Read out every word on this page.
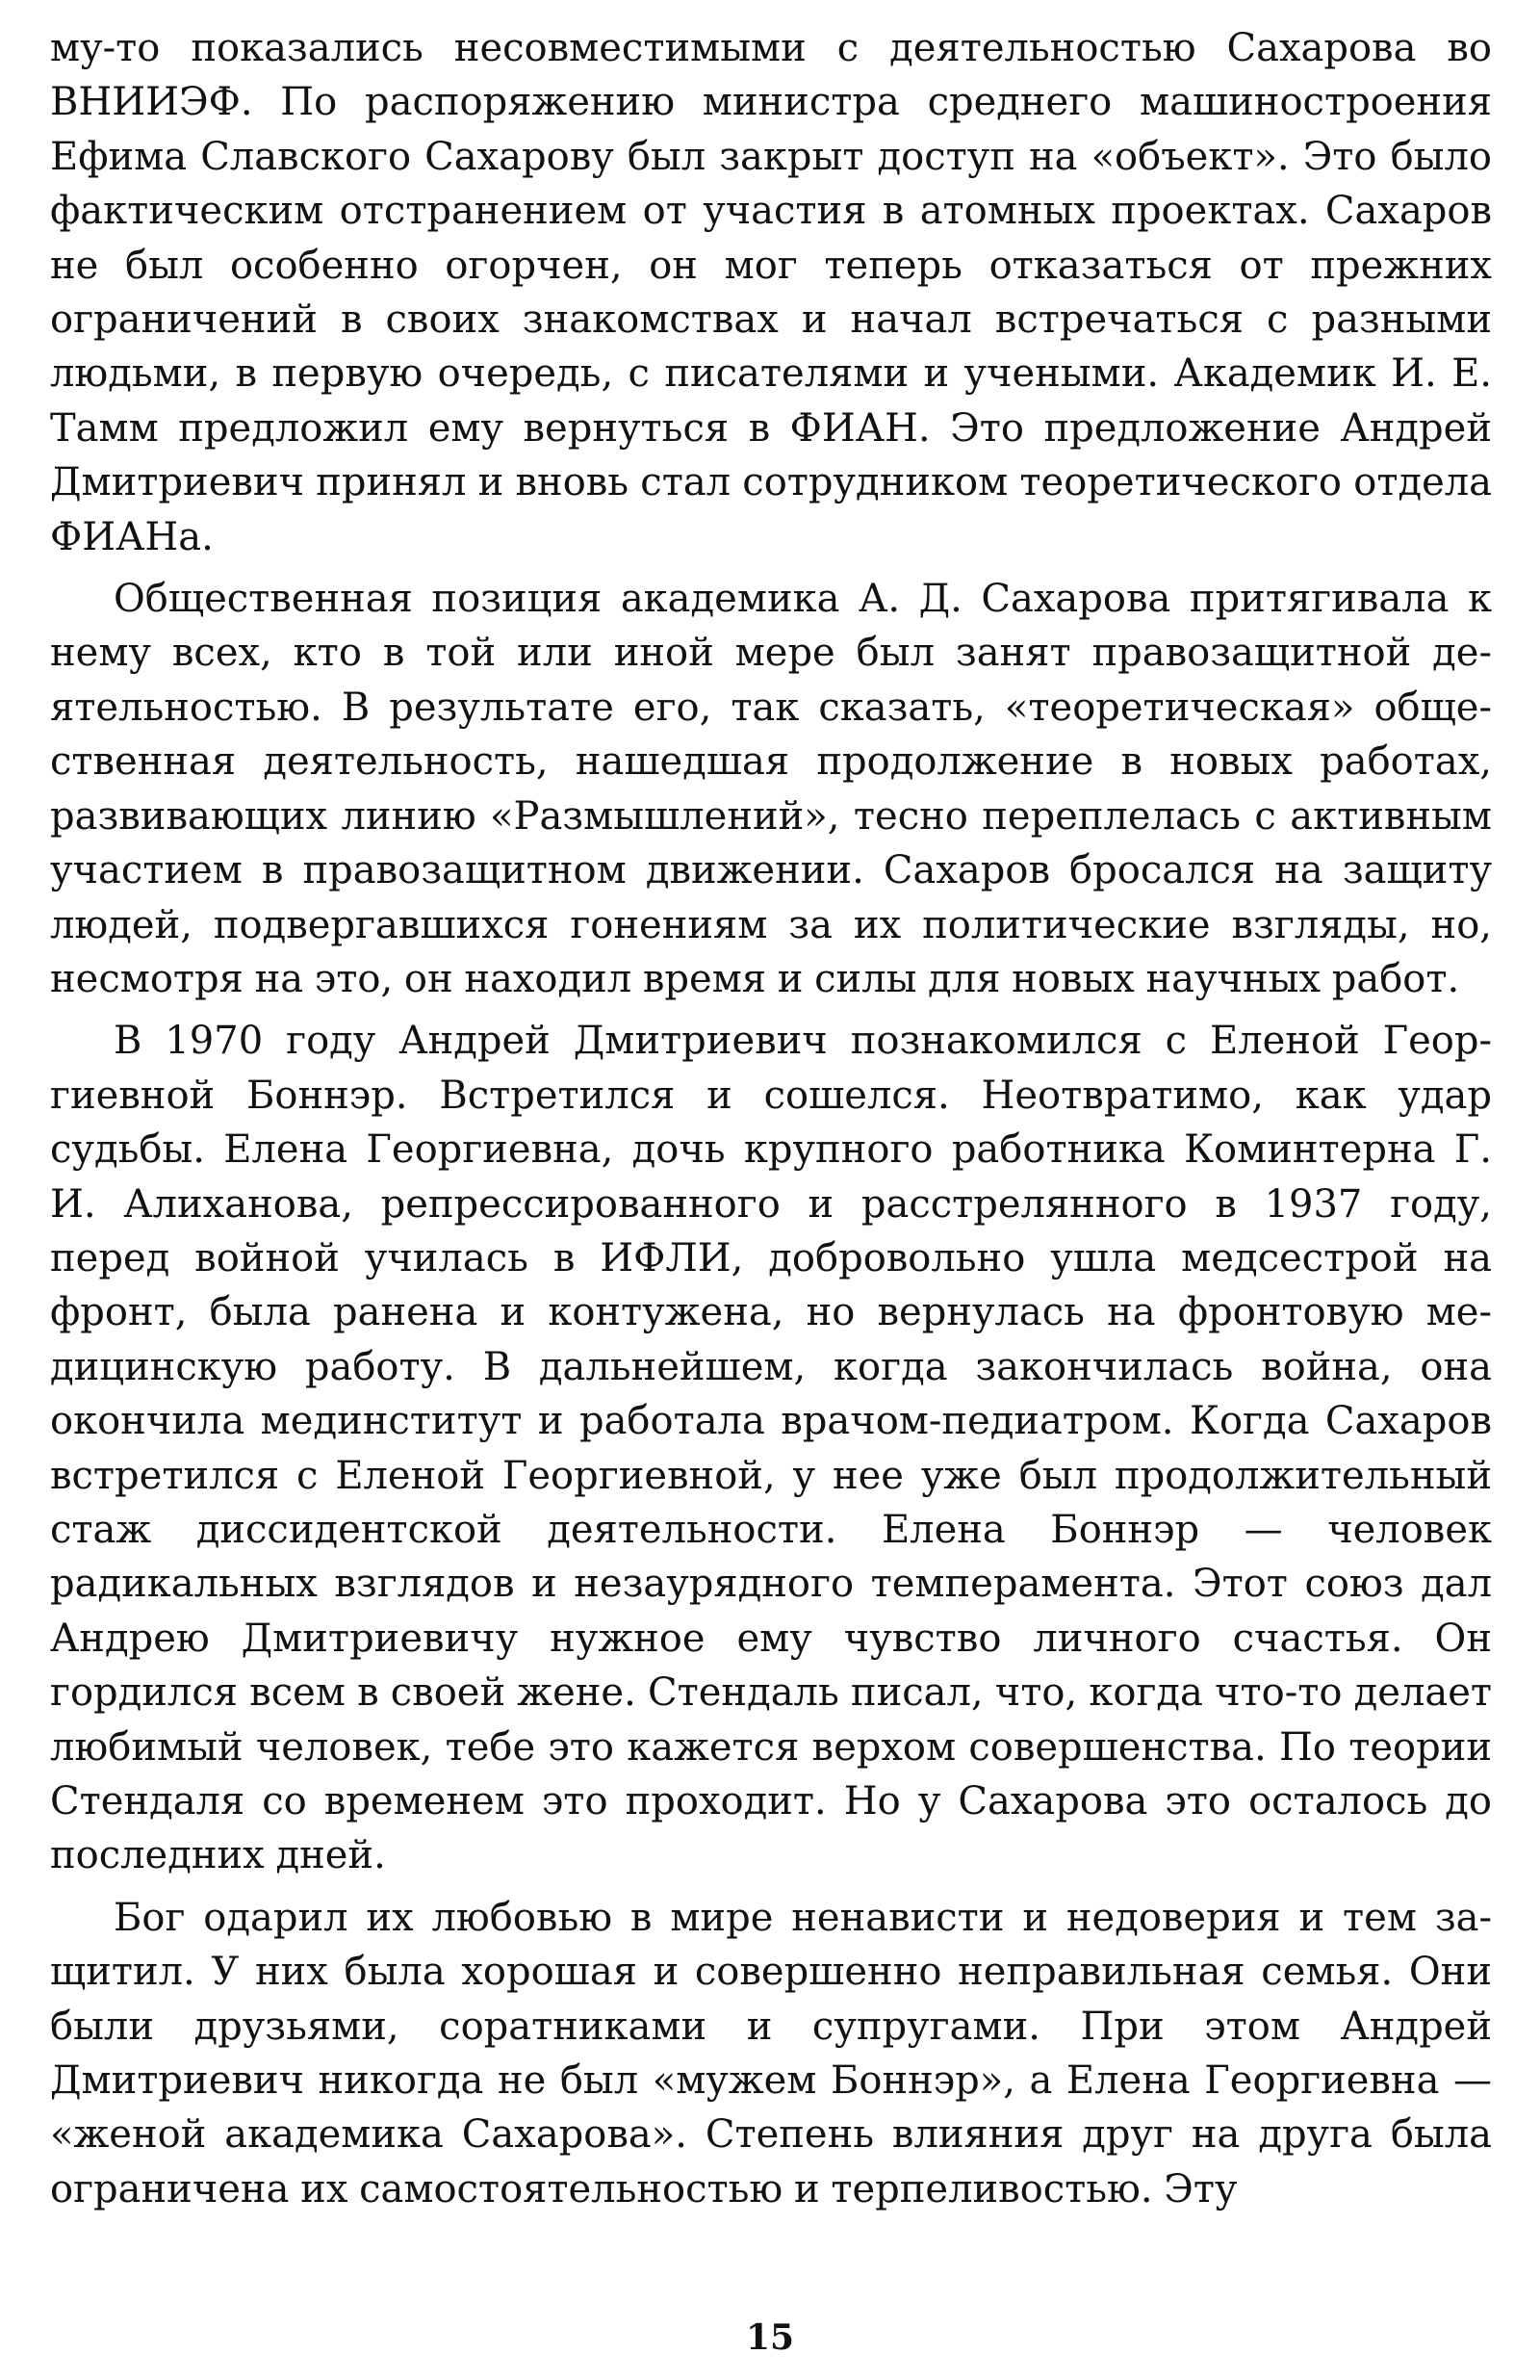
му-то показались несовместимыми с деятельностью Сахарова во ВНИИЭФ. По распоряжению министра среднего машиностроения Ефима Славского Сахарову был закрыт доступ на «объект». Это было фактическим отстранением от участия в атомных проектах. Сахаров не был особенно огорчен, он мог теперь отказаться от прежних ограничений в своих знакомствах и начал встречаться с разными людьми, в первую очередь, с писателями и учеными. Академик И. Е. Тамм предложил ему вернуться в ФИАН. Это предложение Андрей Дмитриевич принял и вновь стал сотрудником теоретического отдела ФИАНа.

Общественная позиция академика А. Д. Сахарова притягивала к нему всех, кто в той или иной мере был занят правозащитной деятельностью. В результате его, так сказать, «теоретическая» общественная деятельность, нашедшая продолжение в новых работах, развивающих линию «Размышлений», тесно переплелась с активным участием в правозащитном движении. Сахаров бросался на защиту людей, подвергавшихся гонениям за их политические взгляды, но, несмотря на это, он находил время и силы для новых научных работ.

В 1970 году Андрей Дмитриевич познакомился с Еленой Георгиевной Боннэр. Встретился и сошелся. Неотвратимо, как удар судьбы. Елена Георгиевна, дочь крупного работника Коминтерна Г. И. Алиханова, репрессированного и расстрелянного в 1937 году, перед войной училась в ИФЛИ, добровольно ушла медсестрой на фронт, была ранена и контужена, но вернулась на фронтовую медицинскую работу. В дальнейшем, когда закончилась война, она окончила мединститут и работала врачом-педиатром. Когда Сахаров встретился с Еленой Георгиевной, у нее уже был продолжительный стаж диссидентской деятельности. Елена Боннэр — человек радикальных взглядов и незаурядного темперамента. Этот союз дал Андрею Дмитриевичу нужное ему чувство личного счастья. Он гордился всем в своей жене. Стендаль писал, что, когда что-то делает любимый человек, тебе это кажется верхом совершенства. По теории Стендаля со временем это проходит. Но у Сахарова это осталось до последних дней.

Бог одарил их любовью в мире ненависти и недоверия и тем защитил. У них была хорошая и совершенно неправильная семья. Они были друзьями, соратниками и супругами. При этом Андрей Дмитриевич никогда не был «мужем Боннэр», а Елена Георгиевна — «женой академика Сахарова». Степень влияния друг на друга была ограничена их самостоятельностью и терпеливостью. Эту

15
